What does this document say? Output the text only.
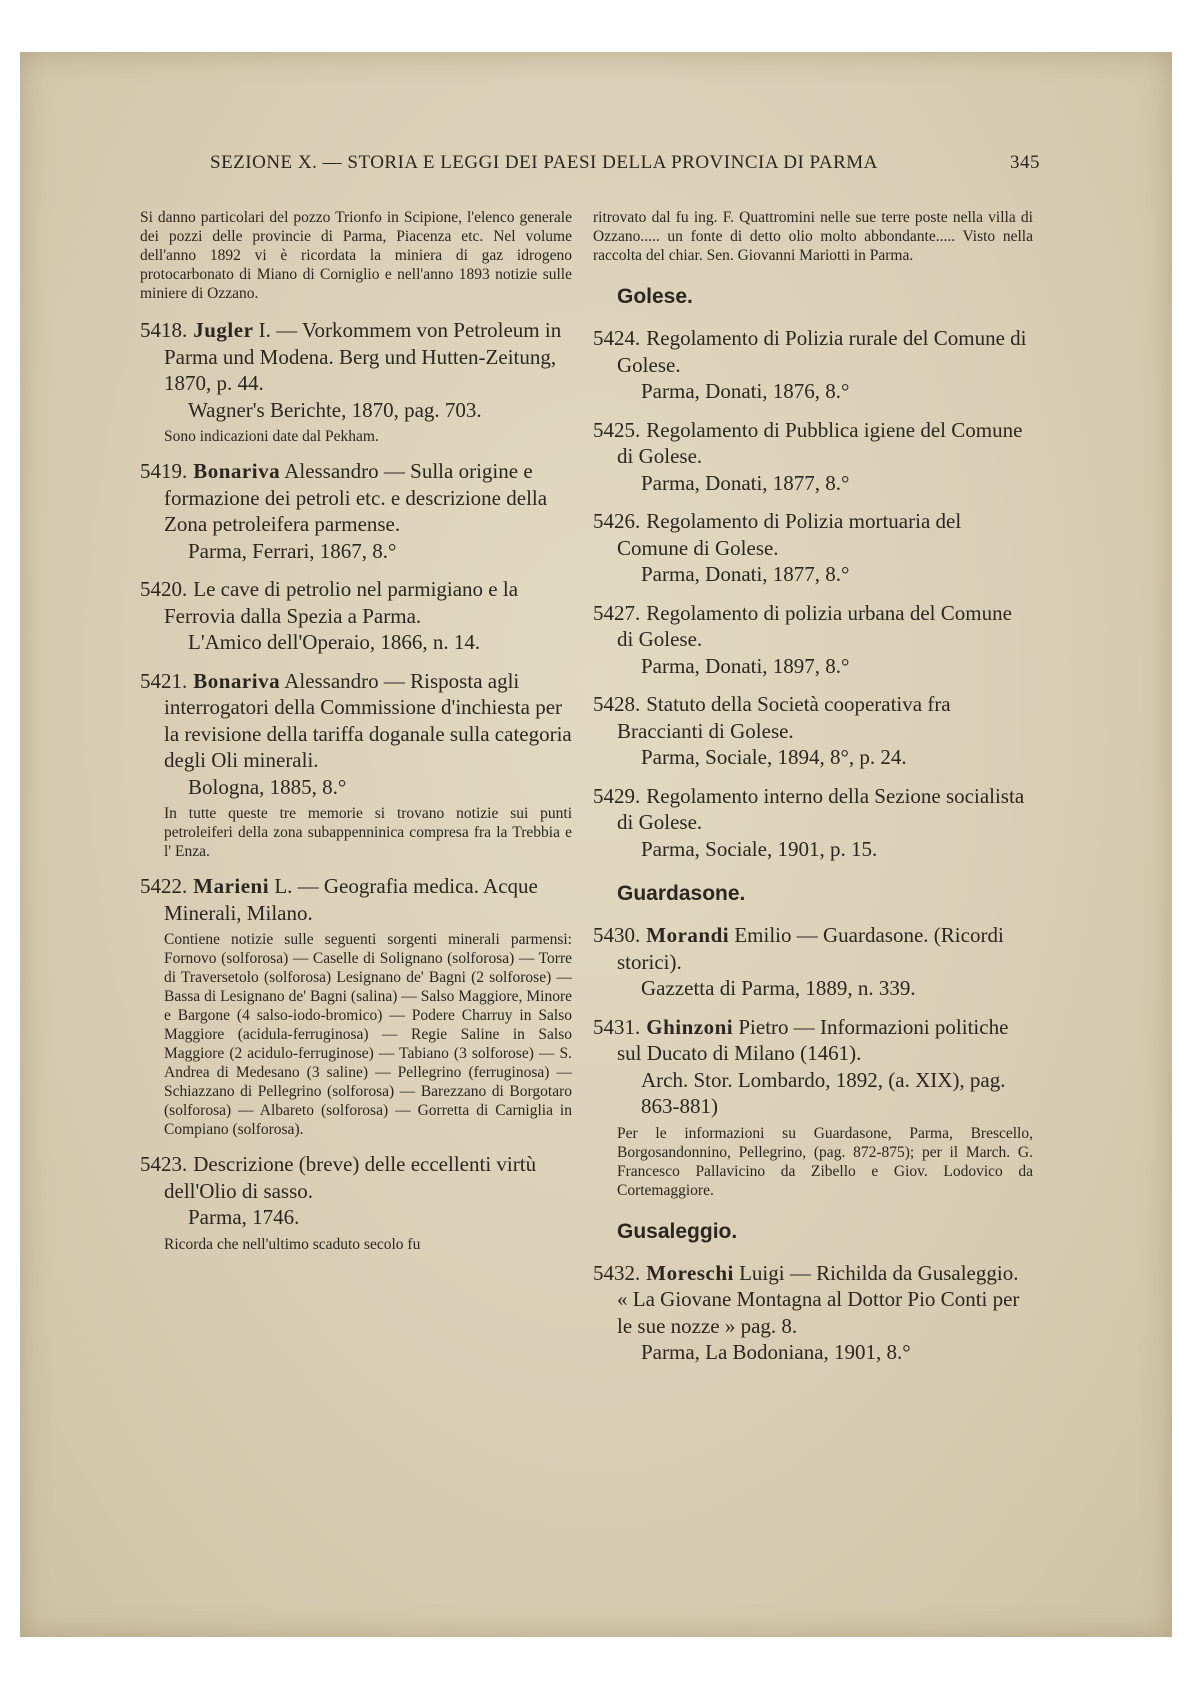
SEZIONE X. — STORIA E LEGGI DEI PAESI DELLA PROVINCIA DI PARMA	345

Si danno particolari del pozzo Trionfo in Scipione, l'elenco generale dei pozzi delle provincie di Parma, Piacenza etc. Nel volume dell'anno 1892 vi è ricordata la miniera di gaz idrogeno protocarbonato di Miano di Corniglio e nell'anno 1893 notizie sulle miniere di Ozzano.

5418. Jugler I. — Vorkommem von Petroleum in Parma und Modena. Berg und Hutten-Zeitung, 1870, p. 44.
Wagner's Berichte, 1870, pag. 703.
Sono indicazioni date dal Pekham.
5419. Bonariva Alessandro — Sulla origine e formazione dei petroli etc. e descrizione della Zona petroleifera parmense.
Parma, Ferrari, 1867, 8.°
5420. Le cave di petrolio nel parmigiano e la Ferrovia dalla Spezia a Parma.
L'Amico dell'Operaio, 1866, n. 14.
5421. Bonariva Alessandro — Risposta agli interrogatori della Commissione d'inchiesta per la revisione della tariffa doganale sulla categoria degli Oli minerali.
Bologna, 1885, 8.°
In tutte queste tre memorie si trovano notizie sui punti petroleiferi della zona subappenninica compresa fra la Trebbia e l' Enza.
5422. Marieni L. — Geografia medica. Acque Minerali, Milano.
Contiene notizie sulle seguenti sorgenti minerali parmensi: Fornovo (solforosa) — Caselle di Solignano (solforosa) — Torre di Traversetolo (solforosa) Lesignano de' Bagni (2 solforose) — Bassa di Lesignano de' Bagni (salina) — Salso Maggiore, Minore e Bargone (4 salso-iodo-bromico) — Podere Charruy in Salso Maggiore (acidula-ferruginosa) — Regie Saline in Salso Maggiore (2 acidulo-ferruginose) — Tabiano (3 solforose) — S. Andrea di Medesano (3 saline) — Pellegrino (ferruginosa) — Schiazzano di Pellegrino (solforosa) — Barezzano di Borgotaro (solforosa) — Albareto (solforosa) — Gorretta di Carniglia in Compiano (solforosa).
5423. Descrizione (breve) delle eccellenti virtù dell'Olio di sasso.
Parma, 1746.
Ricorda che nell'ultimo scaduto secolo fu

ritrovato dal fu ing. F. Quattromini nelle sue terre poste nella villa di Ozzano..... un fonte di detto olio molto abbondante..... Visto nella raccolta del chiar. Sen. Giovanni Mariotti in Parma.

Golese.
5424. Regolamento di Polizia rurale del Comune di Golese.
Parma, Donati, 1876, 8.°
5425. Regolamento di Pubblica igiene del Comune di Golese.
Parma, Donati, 1877, 8.°
5426. Regolamento di Polizia mortuaria del Comune di Golese.
Parma, Donati, 1877, 8.°
5427. Regolamento di polizia urbana del Comune di Golese.
Parma, Donati, 1897, 8.°
5428. Statuto della Società cooperativa fra Braccianti di Golese.
Parma, Sociale, 1894, 8°, p. 24.
5429. Regolamento interno della Sezione socialista di Golese.
Parma, Sociale, 1901, p. 15.
Guardasone.
5430. Morandi Emilio — Guardasone. (Ricordi storici).
Gazzetta di Parma, 1889, n. 339.
5431. Ghinzoni Pietro — Informazioni politiche sul Ducato di Milano (1461).
Arch. Stor. Lombardo, 1892, (a. XIX), pag. 863-881)
Per le informazioni su Guardasone, Parma, Brescello, Borgosandonnino, Pellegrino, (pag. 872-875); per il March. G. Francesco Pallavicino da Zibello e Giov. Lodovico da Cortemaggiore.
Gusaleggio.
5432. Moreschi Luigi — Richilda da Gusaleggio. « La Giovane Montagna al Dottor Pio Conti per le sue nozze » pag. 8.
Parma, La Bodoniana, 1901, 8.°
